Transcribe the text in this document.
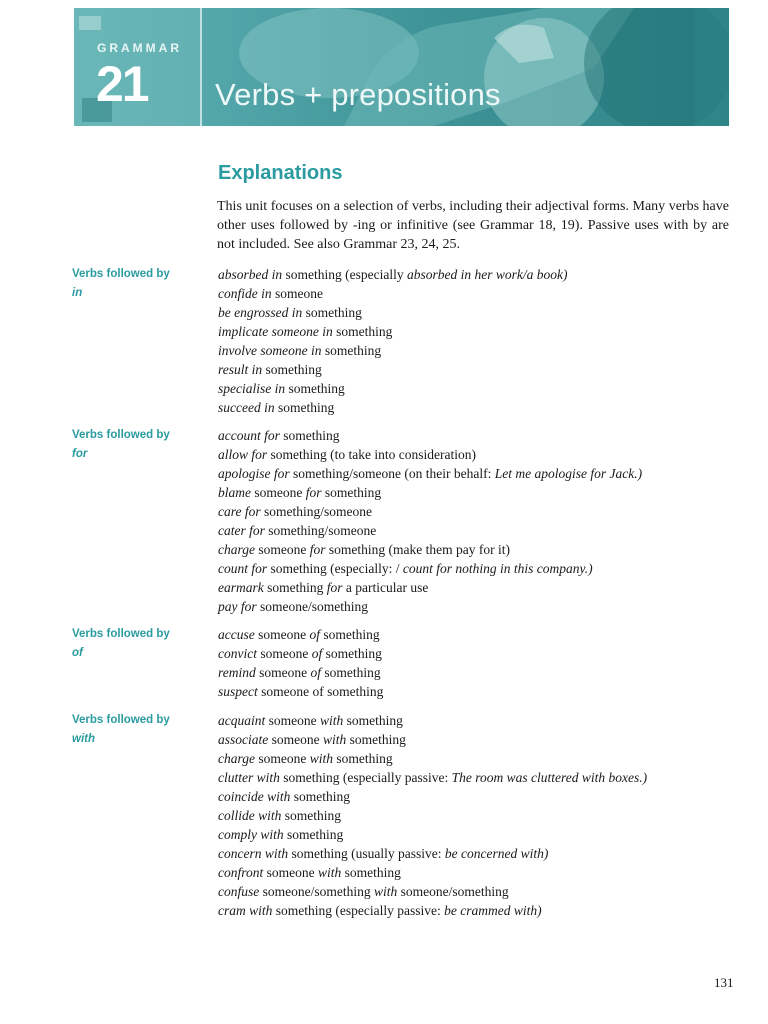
GRAMMAR
21 Verbs + prepositions
Explanations
This unit focuses on a selection of verbs, including their adjectival forms. Many verbs have other uses followed by -ing or infinitive (see Grammar 18, 19). Passive uses with by are not included. See also Grammar 23, 24, 25.
Verbs followed by
in
absorbed in something (especially absorbed in her work/a book)
confide in someone
be engrossed in something
implicate someone in something
involve someone in something
result in something
specialise in something
succeed in something
Verbs followed by
for
account for something
allow for something (to take into consideration)
apologise for something/someone (on their behalf: Let me apologise for Jack.)
blame someone for something
care for something/someone
cater for something/someone
charge someone for something (make them pay for it)
count for something (especially: / count for nothing in this company.)
earmark something for a particular use
pay for someone/something
Verbs followed by
of
accuse someone of something
convict someone of something
remind someone of something
suspect someone of something
Verbs followed by
with
acquaint someone with something
associate someone with something
charge someone with something
clutter with something (especially passive: The room was cluttered with boxes.)
coincide with something
collide with something
comply with something
concern with something (usually passive: be concerned with)
confront someone with something
confuse someone/something with someone/something
cram with something (especially passive: be crammed with)
131
